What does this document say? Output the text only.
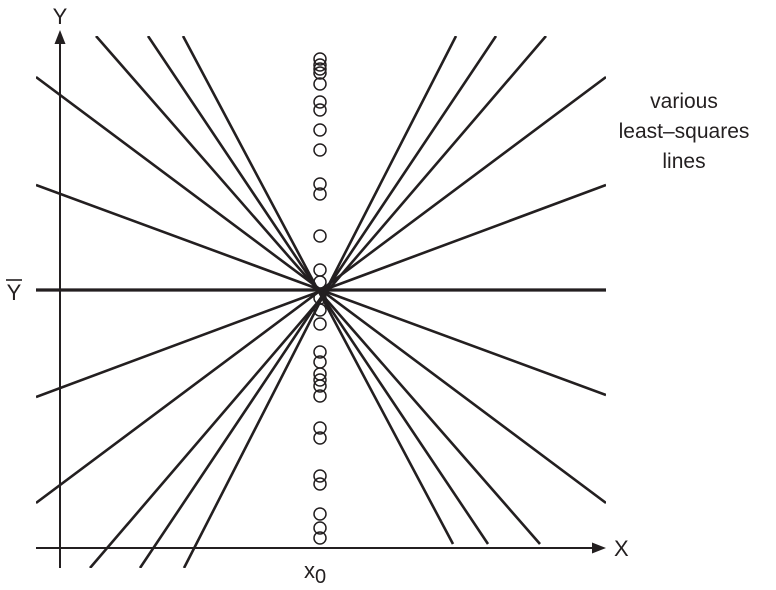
Y
X
Y
x0
various
least–squares
lines
